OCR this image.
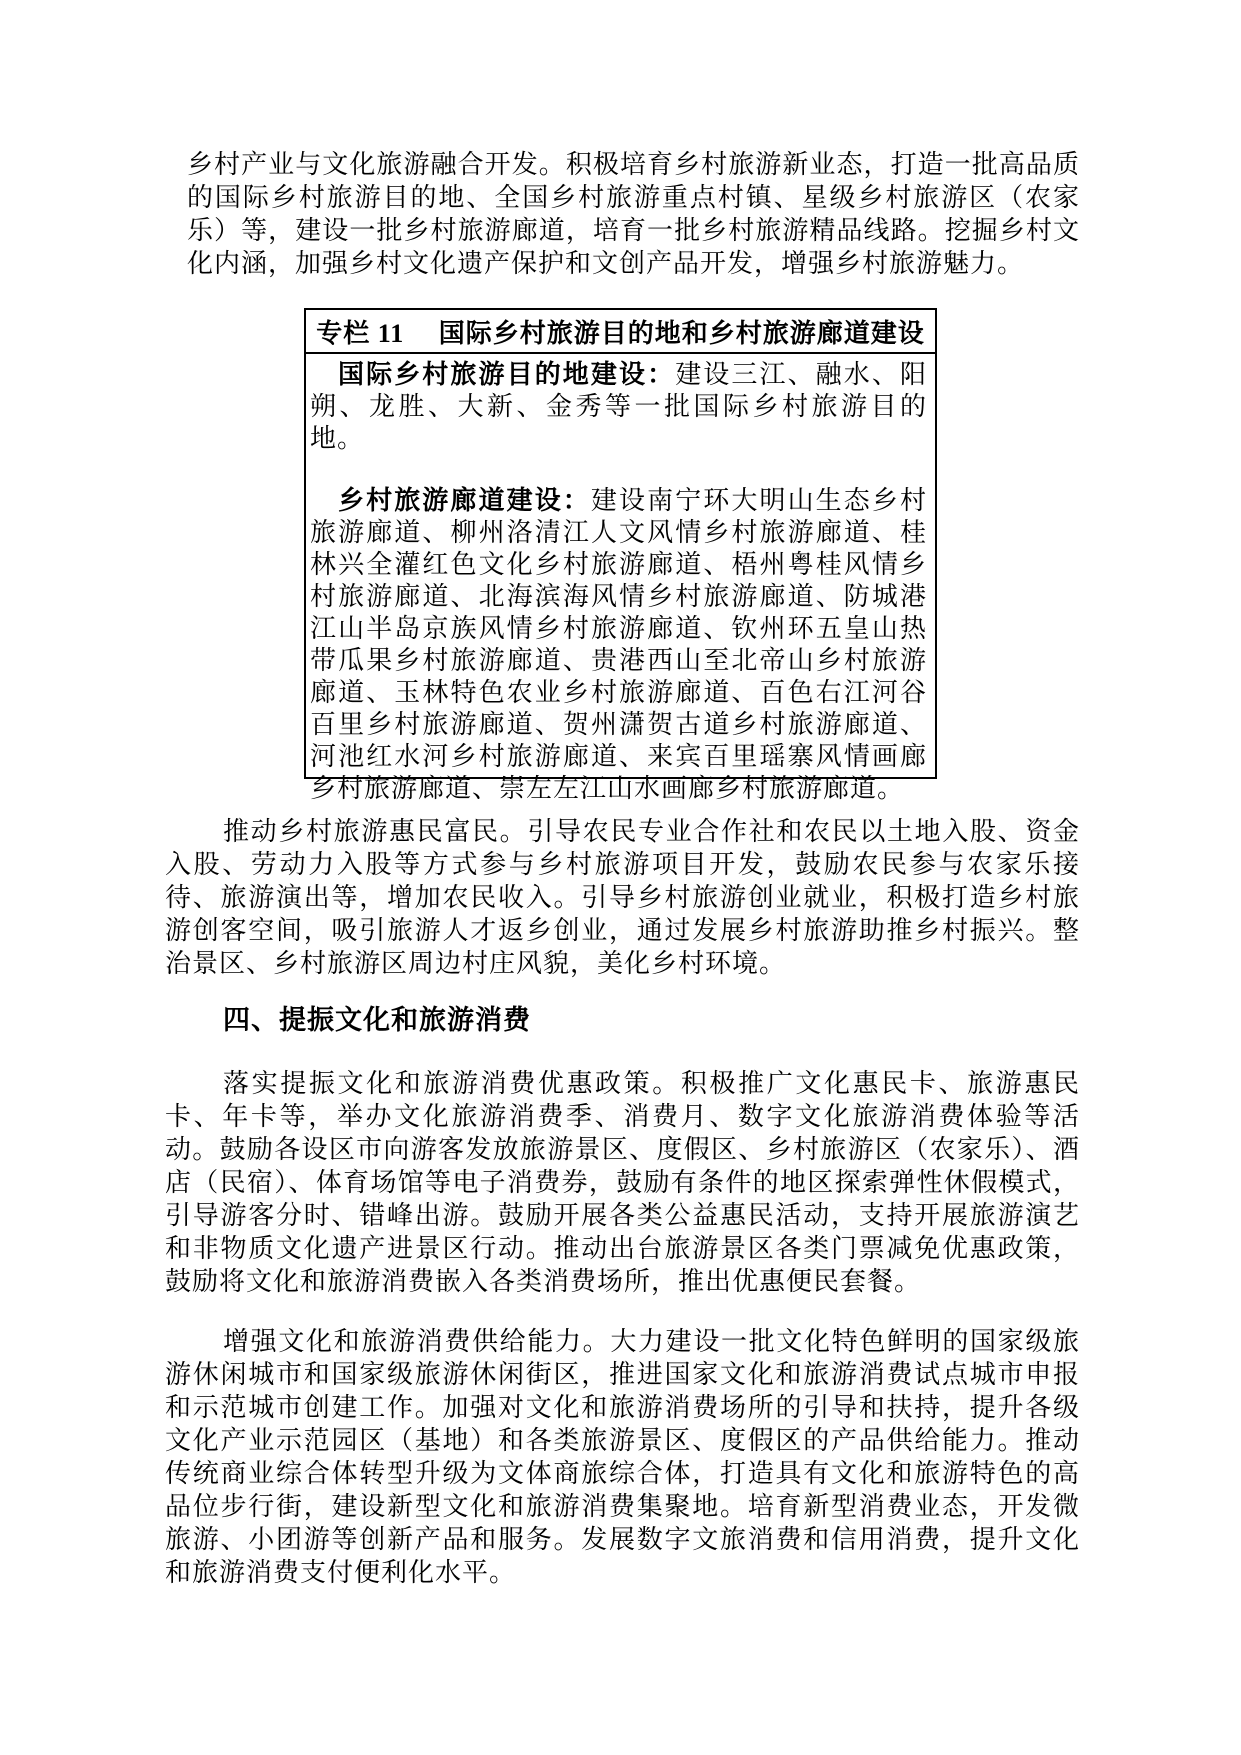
乡村产业与文化旅游融合开发。积极培育乡村旅游新业态，打造一批高品质的国际乡村旅游目的地、全国乡村旅游重点村镇、星级乡村旅游区（农家乐）等，建设一批乡村旅游廊道，培育一批乡村旅游精品线路。挖掘乡村文化内涵，加强乡村文化遗产保护和文创产品开发，增强乡村旅游魅力。

专栏 11　 国际乡村旅游目的地和乡村旅游廊道建设

国际乡村旅游目的地建设：建设三江、融水、阳朔、龙胜、大新、金秀等一批国际乡村旅游目的地。

乡村旅游廊道建设：建设南宁环大明山生态乡村旅游廊道、柳州洛清江人文风情乡村旅游廊道、桂林兴全灌红色文化乡村旅游廊道、梧州粤桂风情乡村旅游廊道、北海滨海风情乡村旅游廊道、防城港江山半岛京族风情乡村旅游廊道、钦州环五皇山热带瓜果乡村旅游廊道、贵港西山至北帝山乡村旅游廊道、玉林特色农业乡村旅游廊道、百色右江河谷百里乡村旅游廊道、贺州潇贺古道乡村旅游廊道、河池红水河乡村旅游廊道、来宾百里瑶寨风情画廊乡村旅游廊道、崇左左江山水画廊乡村旅游廊道。

推动乡村旅游惠民富民。引导农民专业合作社和农民以土地入股、资金入股、劳动力入股等方式参与乡村旅游项目开发，鼓励农民参与农家乐接待、旅游演出等，增加农民收入。引导乡村旅游创业就业，积极打造乡村旅游创客空间，吸引旅游人才返乡创业，通过发展乡村旅游助推乡村振兴。整治景区、乡村旅游区周边村庄风貌，美化乡村环境。

四、提振文化和旅游消费

落实提振文化和旅游消费优惠政策。积极推广文化惠民卡、旅游惠民卡、年卡等，举办文化旅游消费季、消费月、数字文化旅游消费体验等活动。鼓励各设区市向游客发放旅游景区、度假区、乡村旅游区（农家乐）、酒店（民宿）、体育场馆等电子消费券，鼓励有条件的地区探索弹性休假模式，引导游客分时、错峰出游。鼓励开展各类公益惠民活动，支持开展旅游演艺和非物质文化遗产进景区行动。推动出台旅游景区各类门票减免优惠政策，鼓励将文化和旅游消费嵌入各类消费场所，推出优惠便民套餐。

增强文化和旅游消费供给能力。大力建设一批文化特色鲜明的国家级旅游休闲城市和国家级旅游休闲街区，推进国家文化和旅游消费试点城市申报和示范城市创建工作。加强对文化和旅游消费场所的引导和扶持，提升各级文化产业示范园区（基地）和各类旅游景区、度假区的产品供给能力。推动传统商业综合体转型升级为文体商旅综合体，打造具有文化和旅游特色的高品位步行街，建设新型文化和旅游消费集聚地。培育新型消费业态，开发微旅游、小团游等创新产品和服务。发展数字文旅消费和信用消费，提升文化和旅游消费支付便利化水平。
